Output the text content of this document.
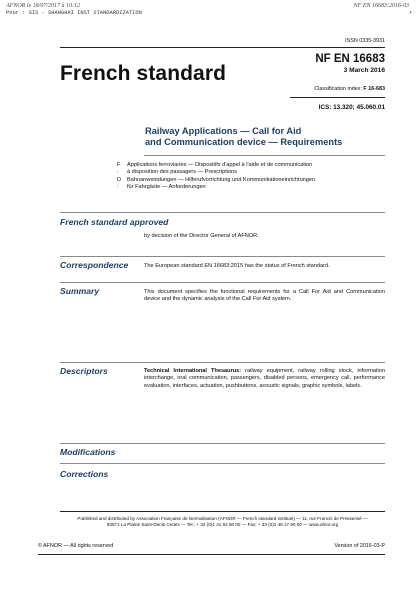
AFNOR le 18/07/2017 à 10:12
Pour : SIS - SHANGHAI INST STANDARDIZATION
NF EN 16683:2016-03
F
ISSN 0335-3931
French standard
NF EN 16683
3 March 2016
Classification index: F 16-683
ICS: 13.320; 45.060.01
Railway Applications — Call for Aid
and Communication device — Requirements
F :
Applications ferroviaires — Dispositifs d'appel à l'aide et de communication
à disposition des passagers — Prescriptions
D :
Bahnanweindungen — Hilferufvorrichtung und Kommunikationeinrichtungen
für Fahrgäste — Anforderungen
French standard approved
by decision of the Director General of AFNOR.
Correspondence	The European standard EN 16683:2015 has the status of French standard.
Summary	This document specifies the functional requirements for a Call For Aid and Communication device and the dynamic analysis of the Call For Aid system.
Descriptors	Technical International Thesaurus: railway equipment, railway rolling stock, information interchange, oral communication, passengers, disabled persons, emergency call, performance evaluation, interfaces, actuation, pushbuttons, acoustic signals, graphic symbols, labels.
Modifications
Corrections
Published and distributed by Association Française de Normalisation (AFNOR — French standard institute) — 11, rue Francis de Pressensé —
93571 La Plaine Saint-Denis Cedex — Tel.: + 33 (0)1 41 62 80 00 — Fax: + 33 (0)1 49 17 90 00 — www.afnor.org
© AFNOR — All rights reserved	Version of 2016-03-P
